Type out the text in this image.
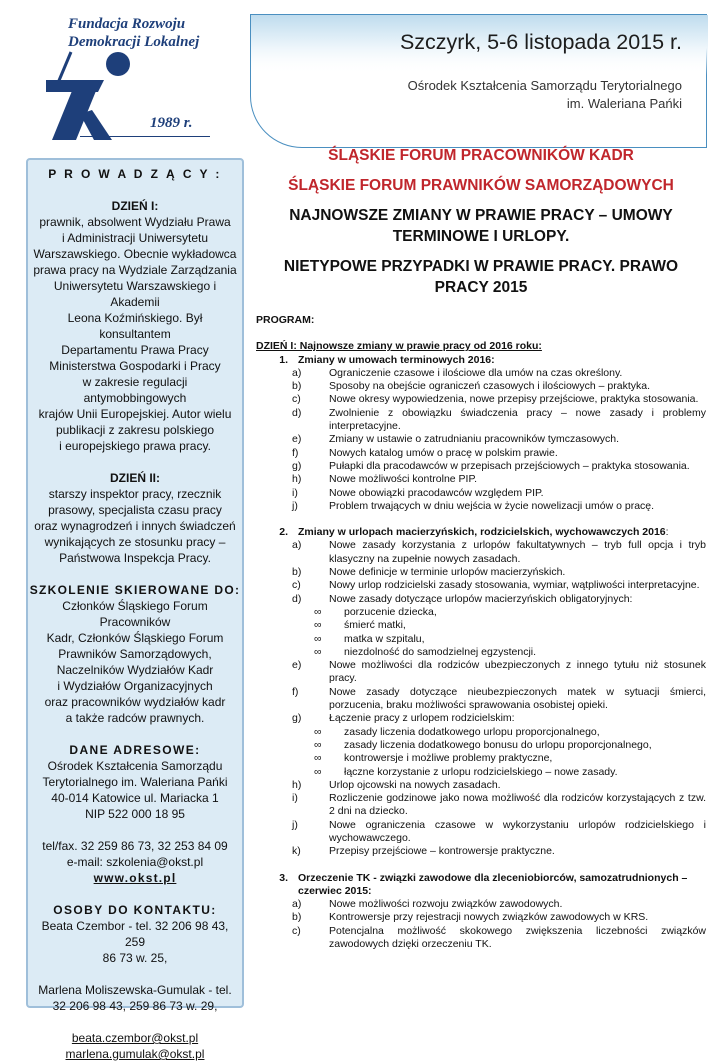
Fundacja Rozwoju
Demokracji Lokalnej
1989 r.
Szczyrk, 5-6 listopada 2015 r.
Ośrodek Kształcenia Samorządu Terytorialnego
im. Waleriana Pańki
P R O W A D Z Ą C Y :
DZIEŃ I:
prawnik, absolwent Wydziału Prawa
i Administracji Uniwersytetu
Warszawskiego. Obecnie wykładowca
prawa pracy na Wydziale Zarządzania
Uniwersytetu Warszawskiego i Akademii
Leona Koźmińskiego. Był konsultantem
Departamentu Prawa Pracy
Ministerstwa Gospodarki i Pracy
w zakresie regulacji antymobbingowych
krajów Unii Europejskiej. Autor wielu
publikacji z zakresu polskiego
i europejskiego prawa pracy.
DZIEŃ II:
starszy inspektor pracy, rzecznik
prasowy, specjalista czasu pracy
oraz wynagrodzeń i innych świadczeń
wynikających ze stosunku pracy –
Państwowa Inspekcja Pracy.
SZKOLENIE SKIEROWANE DO:
Członków Śląskiego Forum Pracowników
Kadr, Członków Śląskiego Forum
Prawników Samorządowych,
Naczelników Wydziałów Kadr
i Wydziałów Organizacyjnych
oraz pracowników wydziałów kadr
a także radców prawnych.
DANE ADRESOWE:
Ośrodek Kształcenia Samorządu
Terytorialnego im. Waleriana Pańki
40-014 Katowice ul. Mariacka 1
NIP 522 000 18 95
tel/fax. 32 259 86 73, 32 253 84 09
e-mail: szkolenia@okst.pl
www.okst.pl
OSOBY DO KONTAKTU:
Beata Czembor - tel. 32 206 98 43, 259
86 73 w. 25,
Marlena Moliszewska-Gumulak - tel.
32 206 98 43, 259 86 73 w. 29,
beata.czembor@okst.pl
marlena.gumulak@okst.pl
ŚLĄSKIE FORUM PRACOWNIKÓW KADR
ŚLĄSKIE FORUM PRAWNIKÓW SAMORZĄDOWYCH
NAJNOWSZE ZMIANY W PRAWIE PRACY – UMOWY TERMINOWE I URLOPY.
NIETYPOWE PRZYPADKI W PRAWIE PRACY. PRAWO PRACY 2015
PROGRAM:
DZIEŃ I: Najnowsze zmiany w prawie pracy od 2016 roku:
1. Zmiany w umowach terminowych 2016:
a)	Ograniczenie czasowe i ilościowe dla umów na czas określony.
b)	Sposoby na obejście ograniczeń czasowych i ilościowych – praktyka.
c)	Nowe okresy wypowiedzenia, nowe przepisy przejściowe, praktyka stosowania.
d)	Zwolnienie z obowiązku świadczenia pracy – nowe zasady i problemy interpretacyjne.
e)	Zmiany w ustawie o zatrudnianiu pracowników tymczasowych.
f)	Nowych katalog umów o pracę w polskim prawie.
g)	Pułapki dla pracodawców w przepisach przejściowych – praktyka stosowania.
h)	Nowe możliwości kontrolne PIP.
i)	Nowe obowiązki pracodawców względem PIP.
j)	Problem trwających w dniu wejścia w życie nowelizacji umów o pracę.
2. Zmiany w urlopach macierzyńskich, rodzicielskich, wychowawczych 2016:
a)	Nowe zasady korzystania z urlopów fakultatywnych – tryb full opcja i tryb klasyczny na zupełnie nowych zasadach.
b)	Nowe definicje w terminie urlopów macierzyńskich.
c)	Nowy urlop rodzicielski zasady stosowania, wymiar, wątpliwości interpretacyjne.
d)	Nowe zasady dotyczące urlopów macierzyńskich obligatoryjnych:
∞	porzucenie dziecka,
∞	śmierć matki,
∞	matka w szpitalu,
∞	niezdolność do samodzielnej egzystencji.
e)	Nowe możliwości dla rodziców ubezpieczonych z innego tytułu niż stosunek pracy.
f)	Nowe zasady dotyczące nieubezpieczonych matek w sytuacji śmierci, porzucenia, braku możliwości sprawowania osobistej opieki.
g)	Łączenie pracy z urlopem rodzicielskim:
∞	zasady liczenia dodatkowego urlopu proporcjonalnego,
∞	zasady liczenia dodatkowego bonusu do urlopu proporcjonalnego,
∞	kontrowersje i możliwe problemy praktyczne,
∞	łączne korzystanie z urlopu rodzicielskiego – nowe zasady.
h)	Urlop ojcowski na nowych zasadach.
i)	Rozliczenie godzinowe jako nowa możliwość dla rodziców korzystających z tzw. 2 dni na dziecko.
j)	Nowe ograniczenia czasowe w wykorzystaniu urlopów rodzicielskiego i wychowawczego.
k)	Przepisy przejściowe – kontrowersje praktyczne.
3. Orzeczenie TK - związki zawodowe dla zleceniobiorców, samozatrudnionych – czerwiec 2015:
a)	Nowe możliwości rozwoju związków zawodowych.
b)	Kontrowersje przy rejestracji nowych związków zawodowych w KRS.
c)	Potencjalna możliwość skokowego zwiększenia liczebności związków zawodowych dzięki orzeczeniu TK.
